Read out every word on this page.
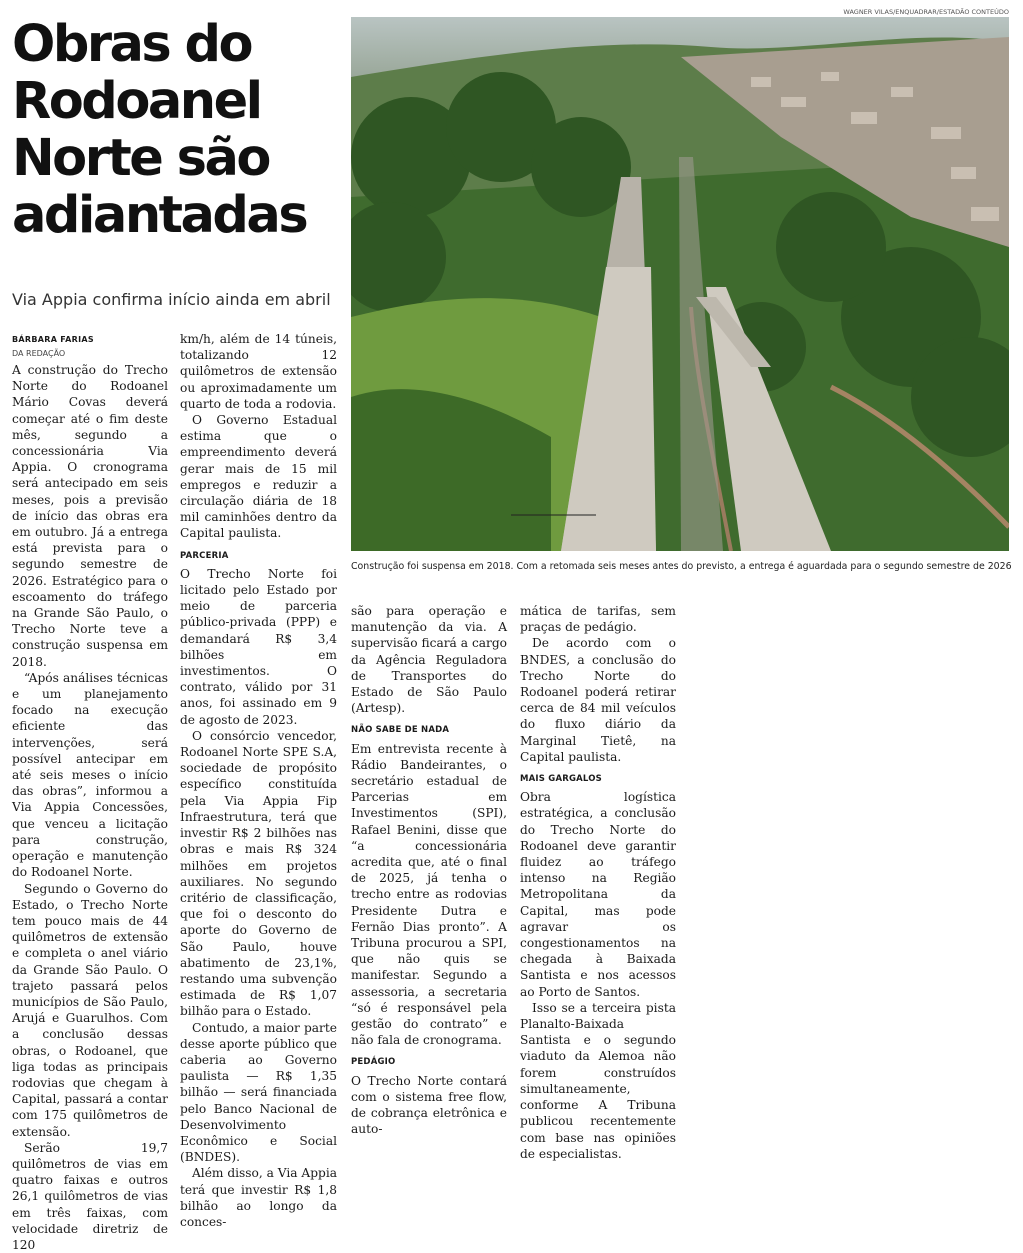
Obras do Rodoanel Norte são adiantadas
Via Appia confirma início ainda em abril
BÁRBARA FARIAS
DA REDAÇÃO

A construção do Trecho Norte do Rodoanel Mário Covas deverá começar até o fim deste mês, segundo a concessionária Via Appia. O cronograma será antecipado em seis meses, pois a previsão de início das obras era em outubro. Já a entrega está prevista para o segundo semestre de 2026. Estratégico para o escoamento do tráfego na Grande São Paulo, o Trecho Norte teve a construção suspensa em 2018.

“Após análises técnicas e um planejamento focado na execução eficiente das intervenções, será possível antecipar em até seis meses o início das obras”, informou a Via Appia Concessões, que venceu a licitação para construção, operação e manutenção do Rodoanel Norte.

Segundo o Governo do Estado, o Trecho Norte tem pouco mais de 44 quilômetros de extensão e completa o anel viário da Grande São Paulo. O trajeto passará pelos municípios de São Paulo, Arujá e Guarulhos. Com a conclusão dessas obras, o Rodoanel, que liga todas as principais rodovias que chegam à Capital, passará a contar com 175 quilômetros de extensão.

Serão 19,7 quilômetros de vias em quatro faixas e outros 26,1 quilômetros de vias em três faixas, com velocidade diretriz de 120

km/h, além de 14 túneis, totalizando 12 quilômetros de extensão ou aproximadamente um quarto de toda a rodovia.

O Governo Estadual estima que o empreendimento deverá gerar mais de 15 mil empregos e reduzir a circulação diária de 18 mil caminhões dentro da Capital paulista.

PARCERIA

O Trecho Norte foi licitado pelo Estado por meio de parceria público-privada (PPP) e demandará R$ 3,4 bilhões em investimentos. O contrato, válido por 31 anos, foi assinado em 9 de agosto de 2023.

O consórcio vencedor, Rodoanel Norte SPE S.A, sociedade de propósito específico constituída pela Via Appia Fip Infraestrutura, terá que investir R$ 2 bilhões nas obras e mais R$ 324 milhões em projetos auxiliares. No segundo critério de classificação, que foi o desconto do aporte do Governo de São Paulo, houve abatimento de 23,1%, restando uma subvenção estimada de R$ 1,07 bilhão para o Estado.

Contudo, a maior parte desse aporte público que caberia ao Governo paulista — R$ 1,35 bilhão — será financiada pelo Banco Nacional de Desenvolvimento Econômico e Social (BNDES).

Além disso, a Via Appia terá que investir R$ 1,8 bilhão ao longo da conces-

WAGNER VILAS/ENQUADRAR/ESTADÃO CONTEÚDO
Construção foi suspensa em 2018. Com a retomada seis meses antes do previsto, a entrega é aguardada para o segundo semestre de 2026

são para operação e manutenção da via. A supervisão ficará a cargo da Agência Reguladora de Transportes do Estado de São Paulo (Artesp).

NÃO SABE DE NADA

Em entrevista recente à Rádio Bandeirantes, o secretário estadual de Parcerias em Investimentos (SPI), Rafael Benini, disse que “a concessionária acredita que, até o final de 2025, já tenha o trecho entre as rodovias Presidente Dutra e Fernão Dias pronto”. A Tribuna procurou a SPI, que não quis se manifestar. Segundo a assessoria, a secretaria “só é responsável pela gestão do contrato” e não fala de cronograma.

PEDÁGIO

O Trecho Norte contará com o sistema free flow, de cobrança eletrônica e auto-

mática de tarifas, sem praças de pedágio.

De acordo com o BNDES, a conclusão do Trecho Norte do Rodoanel poderá retirar cerca de 84 mil veículos do fluxo diário da Marginal Tietê, na Capital paulista.

MAIS GARGALOS

Obra logística estratégica, a conclusão do Trecho Norte do Rodoanel deve garantir fluidez ao tráfego intenso na Região Metropolitana da Capital, mas pode agravar os congestionamentos na chegada à Baixada Santista e nos acessos ao Porto de Santos.

Isso se a terceira pista Planalto-Baixada Santista e o segundo viaduto da Alemoa não forem construídos simultaneamente, conforme A Tribuna publicou recentemente com base nas opiniões de especialistas.
